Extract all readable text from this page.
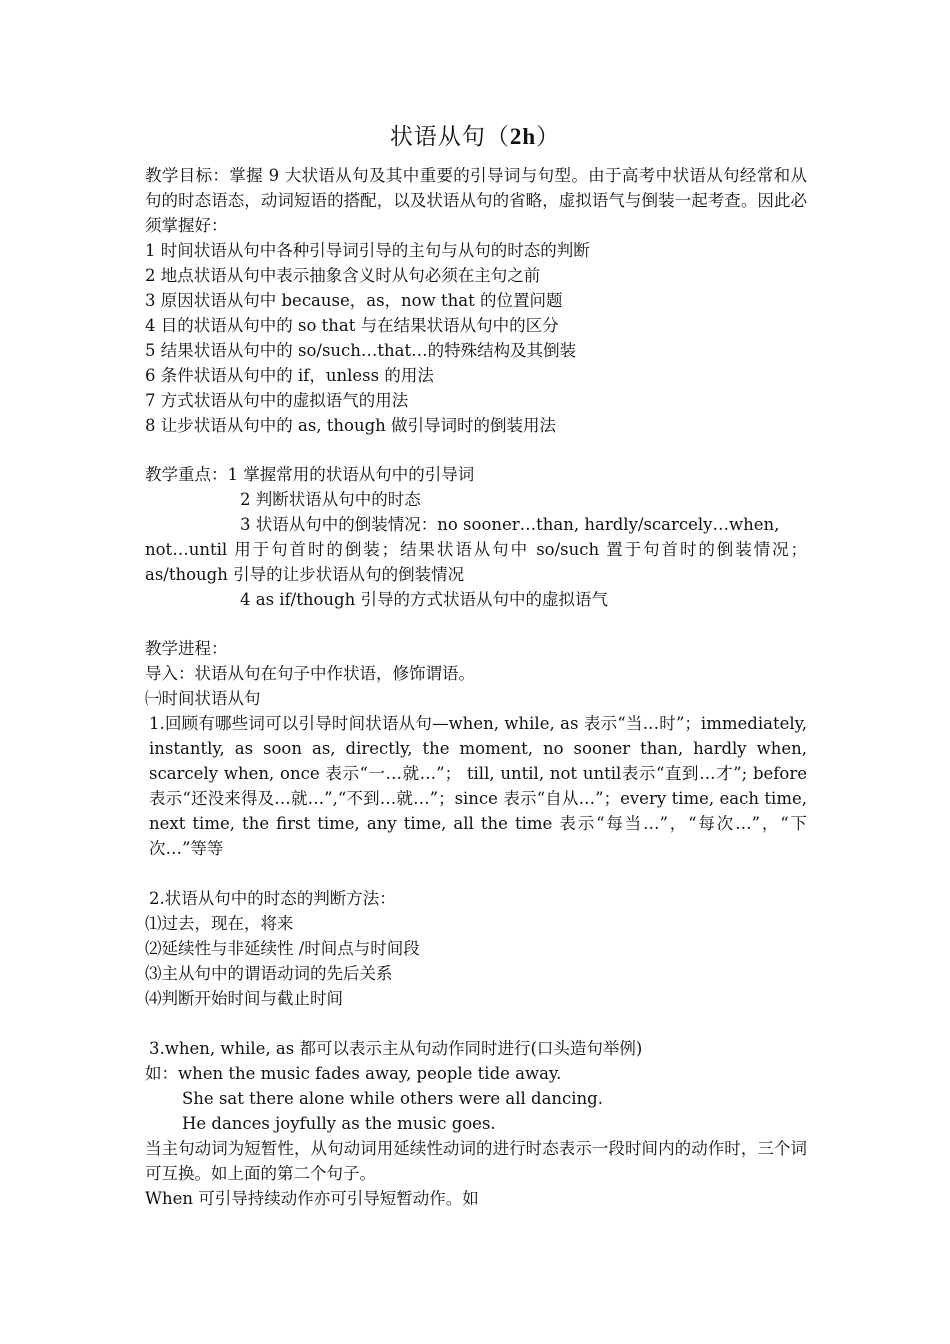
状语从句（2h）
教学目标：掌握 9 大状语从句及其中重要的引导词与句型。由于高考中状语从句经常和从句的时态语态，动词短语的搭配，以及状语从句的省略，虚拟语气与倒装一起考查。因此必须掌握好：
1 时间状语从句中各种引导词引导的主句与从句的时态的判断
2 地点状语从句中表示抽象含义时从句必须在主句之前
3 原因状语从句中 because，as，now that 的位置问题
4 目的状语从句中的 so that 与在结果状语从句中的区分
5 结果状语从句中的 so/such…that…的特殊结构及其倒装
6 条件状语从句中的 if，unless 的用法
7 方式状语从句中的虚拟语气的用法
8 让步状语从句中的 as, though 做引导词时的倒装用法
教学重点：1 掌握常用的状语从句中的引导词
2 判断状语从句中的时态
3 状语从句中的倒装情况：no sooner…than, hardly/scarcely…when,
not…until 用于句首时的倒装；结果状语从句中 so/such 置于句首时的倒装情况；as/though 引导的让步状语从句的倒装情况
4 as if/though 引导的方式状语从句中的虚拟语气
教学进程：
导入：状语从句在句子中作状语，修饰谓语。
㈠时间状语从句
1.回顾有哪些词可以引导时间状语从句—when, while, as 表示“当…时”；immediately, instantly, as soon as, directly, the moment, no sooner than, hardly when, scarcely when, once 表示“一…就…”； till, until, not until表示“直到…才”; before 表示“还没来得及…就…”,“不到…就…”；since 表示“自从…”；every time, each time, next time, the first time, any time, all the time 表示“每当…”，“每次…”，“下次…”等等
2.状语从句中的时态的判断方法：
⑴过去，现在，将来
⑵延续性与非延续性 /时间点与时间段
⑶主从句中的谓语动词的先后关系
⑷判断开始时间与截止时间
3.when, while, as 都可以表示主从句动作同时进行(口头造句举例)
如：when the music fades away, people tide away.
She sat there alone while others were all dancing.
He dances joyfully as the music goes.
当主句动词为短暂性，从句动词用延续性动词的进行时态表示一段时间内的动作时，三个词可互换。如上面的第二个句子。
When 可引导持续动作亦可引导短暂动作。如
